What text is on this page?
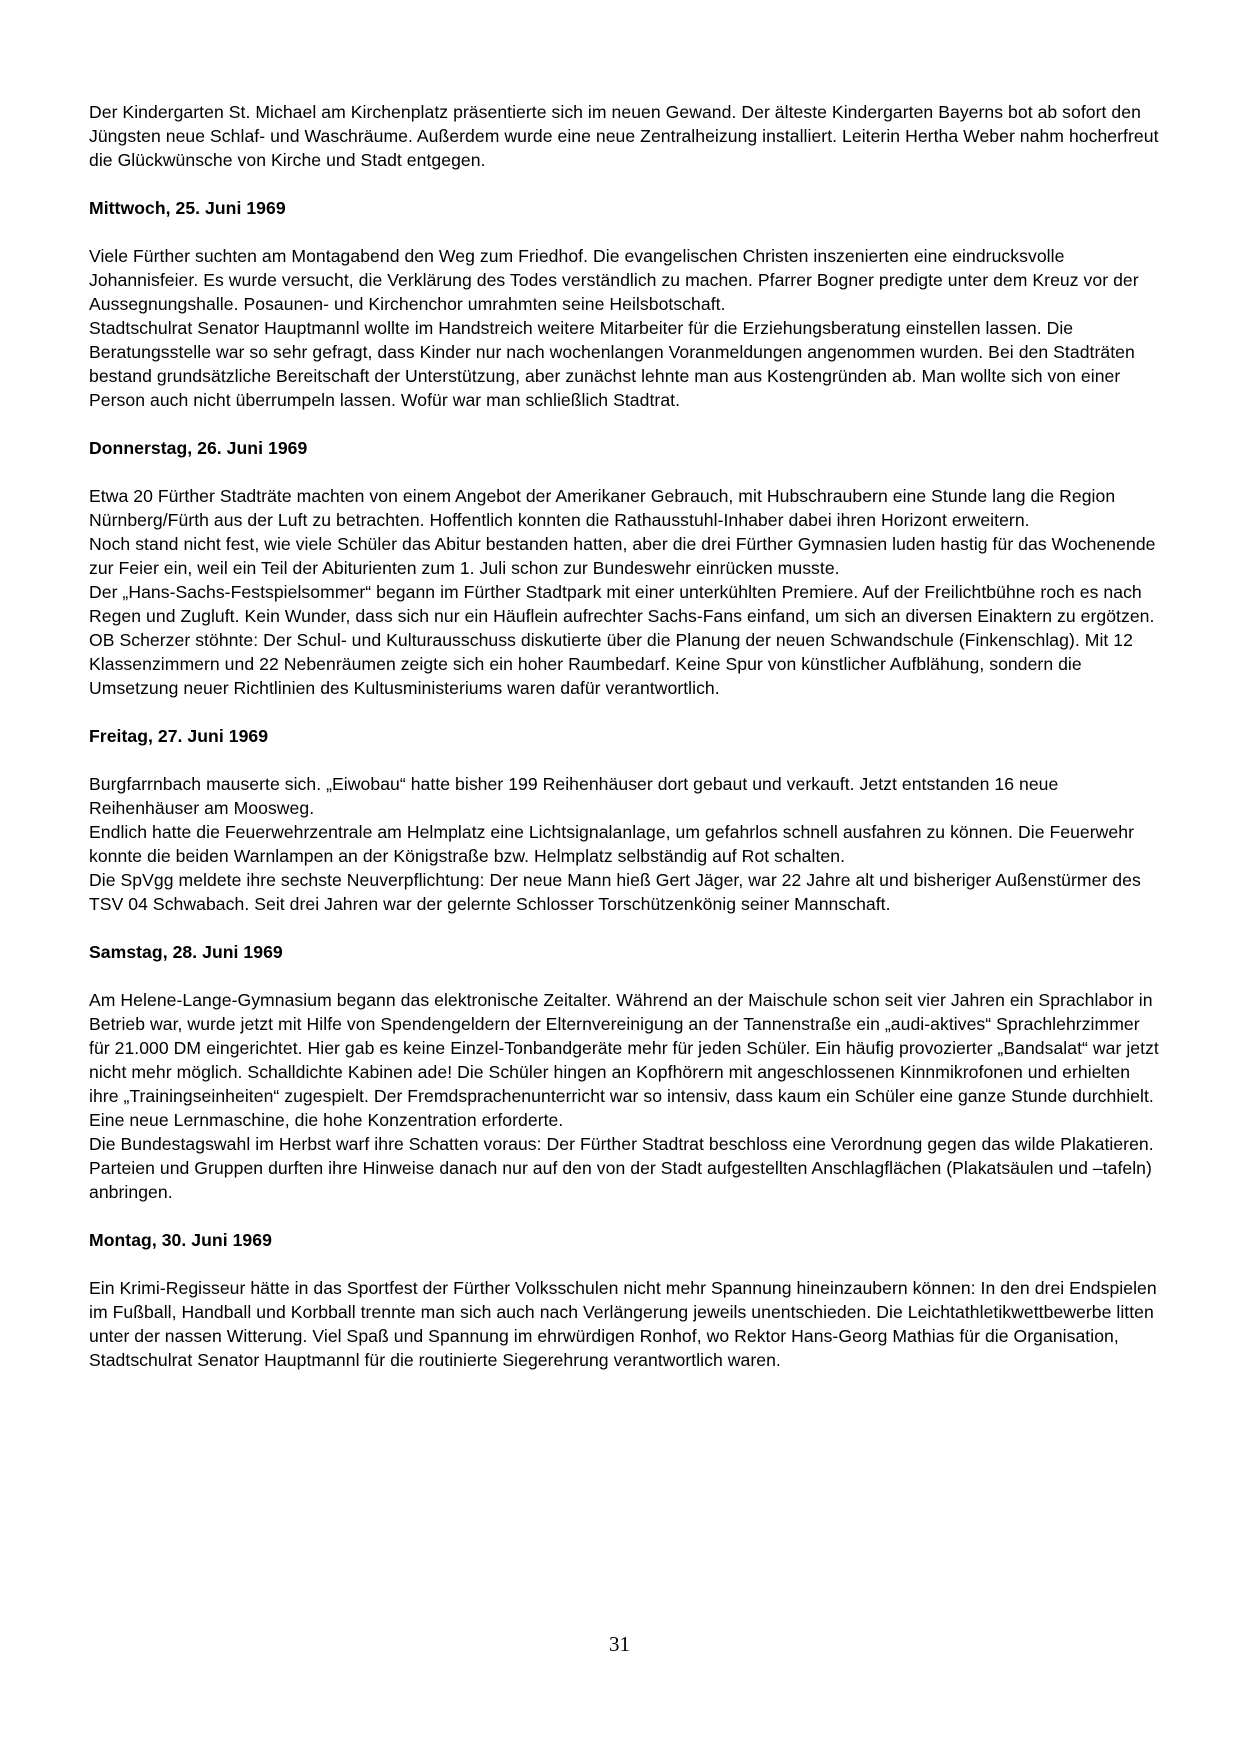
Der Kindergarten St. Michael am Kirchenplatz präsentierte sich im neuen Gewand. Der älteste Kindergarten Bayerns bot ab sofort den Jüngsten neue Schlaf- und Waschräume. Außerdem wurde eine neue Zentralheizung installiert. Leiterin Hertha Weber nahm hocherfreut die Glückwünsche von Kirche und Stadt entgegen.

Mittwoch, 25. Juni 1969

Viele Fürther suchten am Montagabend den Weg zum Friedhof. Die evangelischen Christen inszenierten eine eindrucksvolle Johannisfeier. Es wurde versucht, die Verklärung des Todes verständlich zu machen. Pfarrer Bogner predigte unter dem Kreuz vor der Aussegnungshalle. Posaunen- und Kirchenchor umrahmten seine Heilsbotschaft.

Stadtschulrat Senator Hauptmannl wollte im Handstreich weitere Mitarbeiter für die Erziehungsberatung einstellen lassen. Die Beratungsstelle war so sehr gefragt, dass Kinder nur nach wochenlangen Voranmeldungen angenommen wurden. Bei den Stadträten bestand grundsätzliche Bereitschaft der Unterstützung, aber zunächst lehnte man aus Kostengründen ab. Man wollte sich von einer Person auch nicht überrumpeln lassen. Wofür war man schließlich Stadtrat.

Donnerstag, 26. Juni 1969

Etwa 20 Fürther Stadträte machten von einem Angebot der Amerikaner Gebrauch, mit Hubschraubern eine Stunde lang die Region Nürnberg/Fürth aus der Luft zu betrachten. Hoffentlich konnten die Rathausstuhl-Inhaber dabei ihren Horizont erweitern.

Noch stand nicht fest, wie viele Schüler das Abitur bestanden hatten, aber die drei Fürther Gymnasien luden hastig für das Wochenende zur Feier ein, weil ein Teil der Abiturienten zum 1. Juli schon zur Bundeswehr einrücken musste.

Der „Hans-Sachs-Festspielsommer“ begann im Fürther Stadtpark mit einer unterkühlten Premiere. Auf der Freilichtbühne roch es nach Regen und Zugluft. Kein Wunder, dass sich nur ein Häuflein aufrechter Sachs-Fans einfand, um sich an diversen Einaktern zu ergötzen.

OB Scherzer stöhnte: Der Schul- und Kulturausschuss diskutierte über die Planung der neuen Schwandschule (Finkenschlag). Mit 12 Klassenzimmern und 22 Nebenräumen zeigte sich ein hoher Raumbedarf. Keine Spur von künstlicher Aufblähung, sondern die Umsetzung neuer Richtlinien des Kultusministeriums waren dafür verantwortlich.

Freitag, 27. Juni 1969

Burgfarrnbach mauserte sich. „Eiwobau“ hatte bisher 199 Reihenhäuser dort gebaut und verkauft. Jetzt entstanden 16 neue Reihenhäuser am Moosweg.

Endlich hatte die Feuerwehrzentrale am Helmplatz eine Lichtsignalanlage, um gefahrlos schnell ausfahren zu können. Die Feuerwehr konnte die beiden Warnlampen an der Königstraße bzw. Helmplatz selbständig auf Rot schalten.

Die SpVgg meldete ihre sechste Neuverpflichtung: Der neue Mann hieß Gert Jäger, war 22 Jahre alt und bisheriger Außenstürmer des TSV 04 Schwabach. Seit drei Jahren war der gelernte Schlosser Torschützenkönig seiner Mannschaft.

Samstag, 28. Juni 1969

Am Helene-Lange-Gymnasium begann das elektronische Zeitalter. Während an der Maischule schon seit vier Jahren ein Sprachlabor in Betrieb war, wurde jetzt mit Hilfe von Spendengeldern der Elternvereinigung an der Tannenstraße ein „audi-aktives“ Sprachlehrzimmer für 21.000 DM eingerichtet. Hier gab es keine Einzel-Tonbandgeräte mehr für jeden Schüler. Ein häufig provozierter „Bandsalat“ war jetzt nicht mehr möglich. Schalldichte Kabinen ade! Die Schüler hingen an Kopfhörern mit angeschlossenen Kinnmikrofonen und erhielten ihre „Trainingseinheiten“ zugespielt. Der Fremdsprachenunterricht war so intensiv, dass kaum ein Schüler eine ganze Stunde durchhielt. Eine neue Lernmaschine, die hohe Konzentration erforderte.

Die Bundestagswahl im Herbst warf ihre Schatten voraus: Der Fürther Stadtrat beschloss eine Verordnung gegen das wilde Plakatieren. Parteien und Gruppen durften ihre Hinweise danach nur auf den von der Stadt aufgestellten Anschlagflächen (Plakatsäulen und –tafeln) anbringen.

Montag, 30. Juni 1969

Ein Krimi-Regisseur hätte in das Sportfest der Fürther Volksschulen nicht mehr Spannung hineinzaubern können: In den drei Endspielen im Fußball, Handball und Korbball trennte man sich auch nach Verlängerung jeweils unentschieden. Die Leichtathletikwettbewerbe litten unter der nassen Witterung. Viel Spaß und Spannung im ehrwürdigen Ronhof, wo Rektor Hans-Georg Mathias für die Organisation, Stadtschulrat Senator Hauptmannl für die routinierte Siegerehrung verantwortlich waren.

31
